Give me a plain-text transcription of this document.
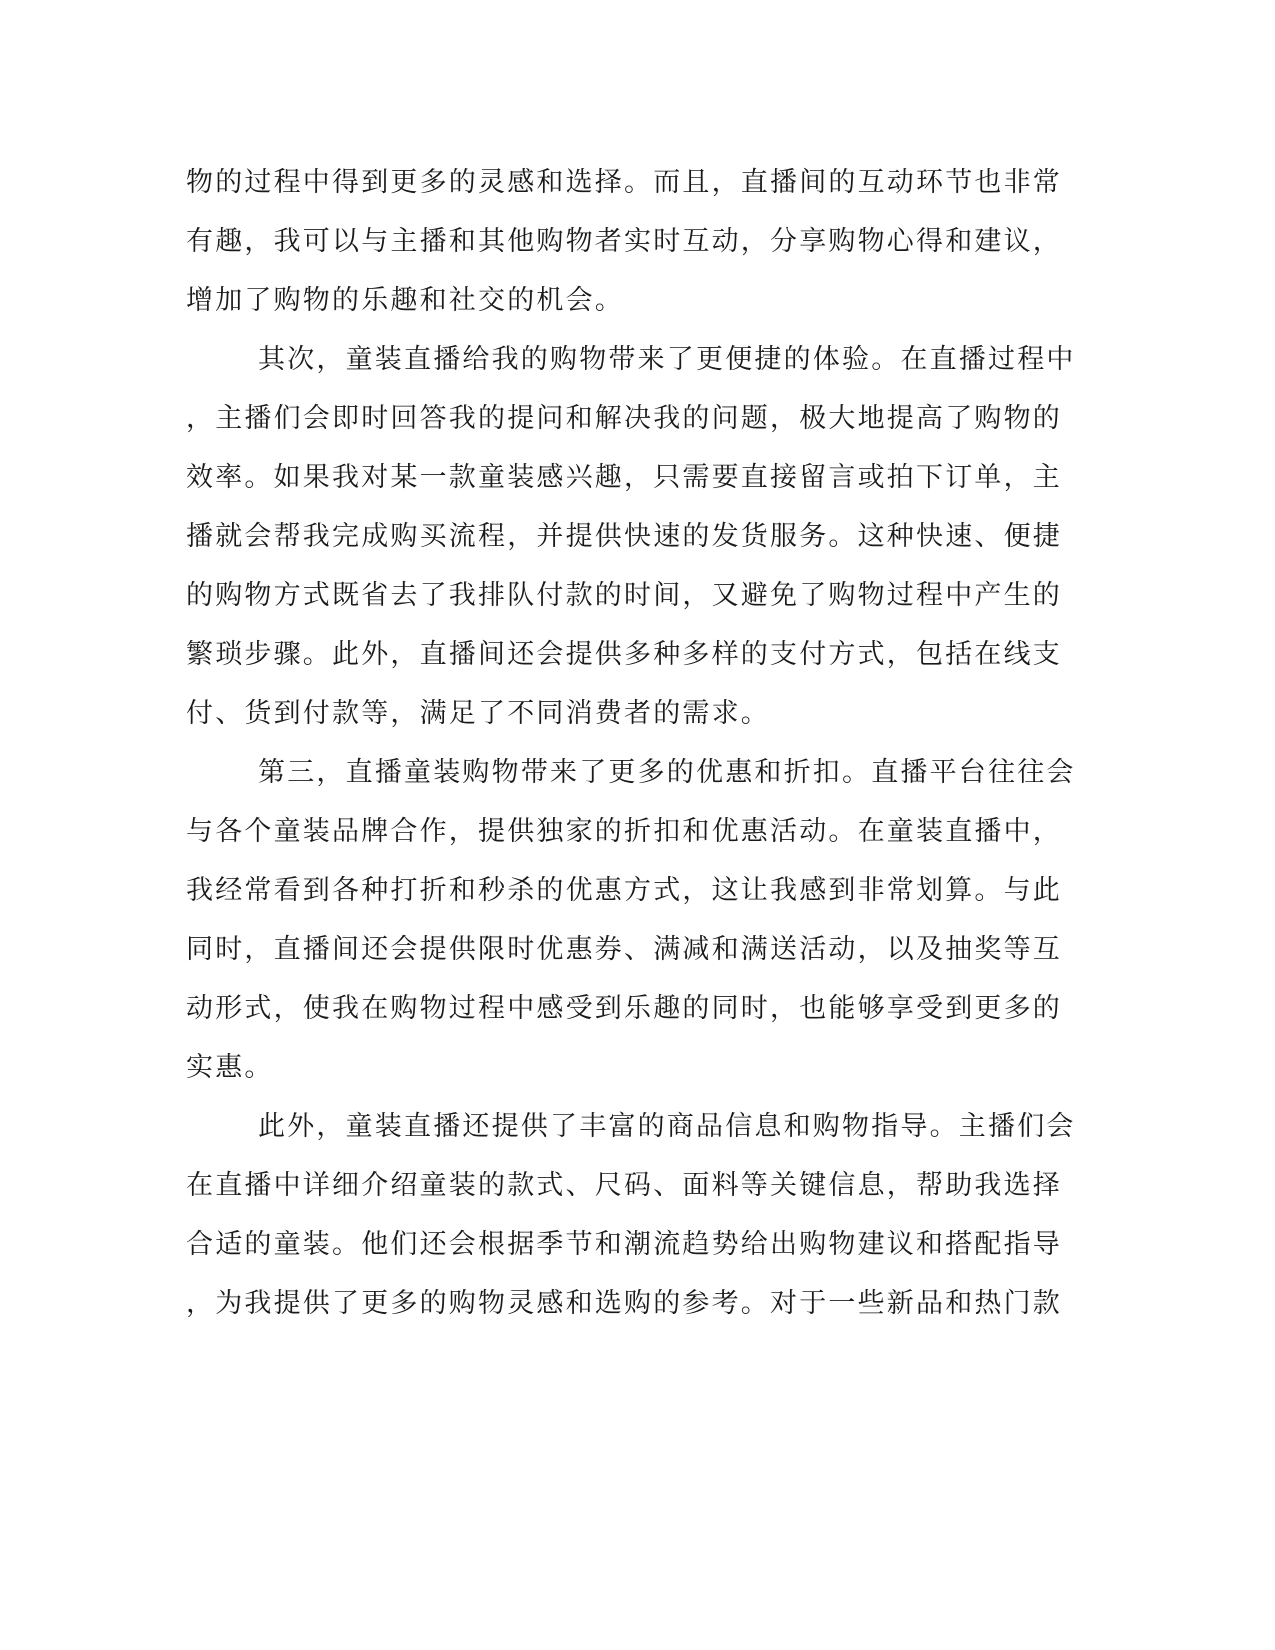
物的过程中得到更多的灵感和选择。而且，直播间的互动环节也非常
有趣，我可以与主播和其他购物者实时互动，分享购物心得和建议，
增加了购物的乐趣和社交的机会。
其次，童装直播给我的购物带来了更便捷的体验。在直播过程中
，主播们会即时回答我的提问和解决我的问题，极大地提高了购物的
效率。如果我对某一款童装感兴趣，只需要直接留言或拍下订单，主
播就会帮我完成购买流程，并提供快速的发货服务。这种快速、便捷
的购物方式既省去了我排队付款的时间，又避免了购物过程中产生的
繁琐步骤。此外，直播间还会提供多种多样的支付方式，包括在线支
付、货到付款等，满足了不同消费者的需求。
第三，直播童装购物带来了更多的优惠和折扣。直播平台往往会
与各个童装品牌合作，提供独家的折扣和优惠活动。在童装直播中，
我经常看到各种打折和秒杀的优惠方式，这让我感到非常划算。与此
同时，直播间还会提供限时优惠券、满减和满送活动，以及抽奖等互
动形式，使我在购物过程中感受到乐趣的同时，也能够享受到更多的
实惠。
此外，童装直播还提供了丰富的商品信息和购物指导。主播们会
在直播中详细介绍童装的款式、尺码、面料等关键信息，帮助我选择
合适的童装。他们还会根据季节和潮流趋势给出购物建议和搭配指导
，为我提供了更多的购物灵感和选购的参考。对于一些新品和热门款
